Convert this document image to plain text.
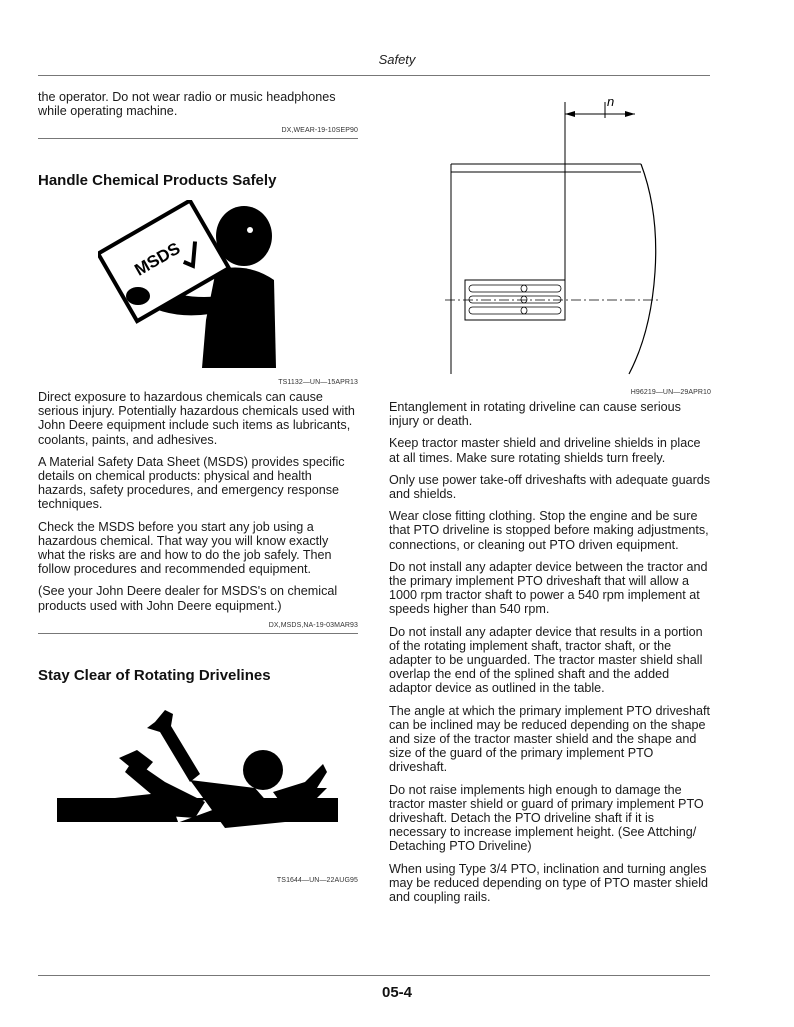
Safety
the operator. Do not wear radio or music headphones while operating machine.
DX,WEAR-19-10SEP90
Handle Chemical Products Safely
MSDS
TS1132—UN—15APR13

Direct exposure to hazardous chemicals can cause serious injury. Potentially hazardous chemicals used with John Deere equipment include such items as lubricants, coolants, paints, and adhesives.

A Material Safety Data Sheet (MSDS) provides specific details on chemical products: physical and health hazards, safety procedures, and emergency response techniques.

Check the MSDS before you start any job using a hazardous chemical. That way you will know exactly what the risks are and how to do the job safely. Then follow procedures and recommended equipment.

(See your John Deere dealer for MSDS's on chemical products used with John Deere equipment.)

DX,MSDS,NA-19-03MAR93
Stay Clear of Rotating Drivelines
TS1644—UN—22AUG95
n
H96219—UN—29APR10

Entanglement in rotating driveline can cause serious injury or death.

Keep tractor master shield and driveline shields in place at all times. Make sure rotating shields turn freely.

Only use power take-off driveshafts with adequate guards and shields.

Wear close fitting clothing. Stop the engine and be sure that PTO driveline is stopped before making adjustments, connections, or cleaning out PTO driven equipment.

Do not install any adapter device between the tractor and the primary implement PTO driveshaft that will allow a 1000 rpm tractor shaft to power a 540 rpm implement at speeds higher than 540 rpm.

Do not install any adapter device that results in a portion of the rotating implement shaft, tractor shaft, or the adapter to be unguarded. The tractor master shield shall overlap the end of the splined shaft and the added adaptor device as outlined in the table.

The angle at which the primary implement PTO driveshaft can be inclined may be reduced depending on the shape and size of the tractor master shield and the shape and size of the guard of the primary implement PTO driveshaft.

Do not raise implements high enough to damage the tractor master shield or guard of primary implement PTO driveshaft. Detach the PTO driveline shaft if it is necessary to increase implement height. (See Attching/ Detaching PTO Driveline)

When using Type 3/4 PTO, inclination and turning angles may be reduced depending on type of PTO master shield and coupling rails.

05-4
